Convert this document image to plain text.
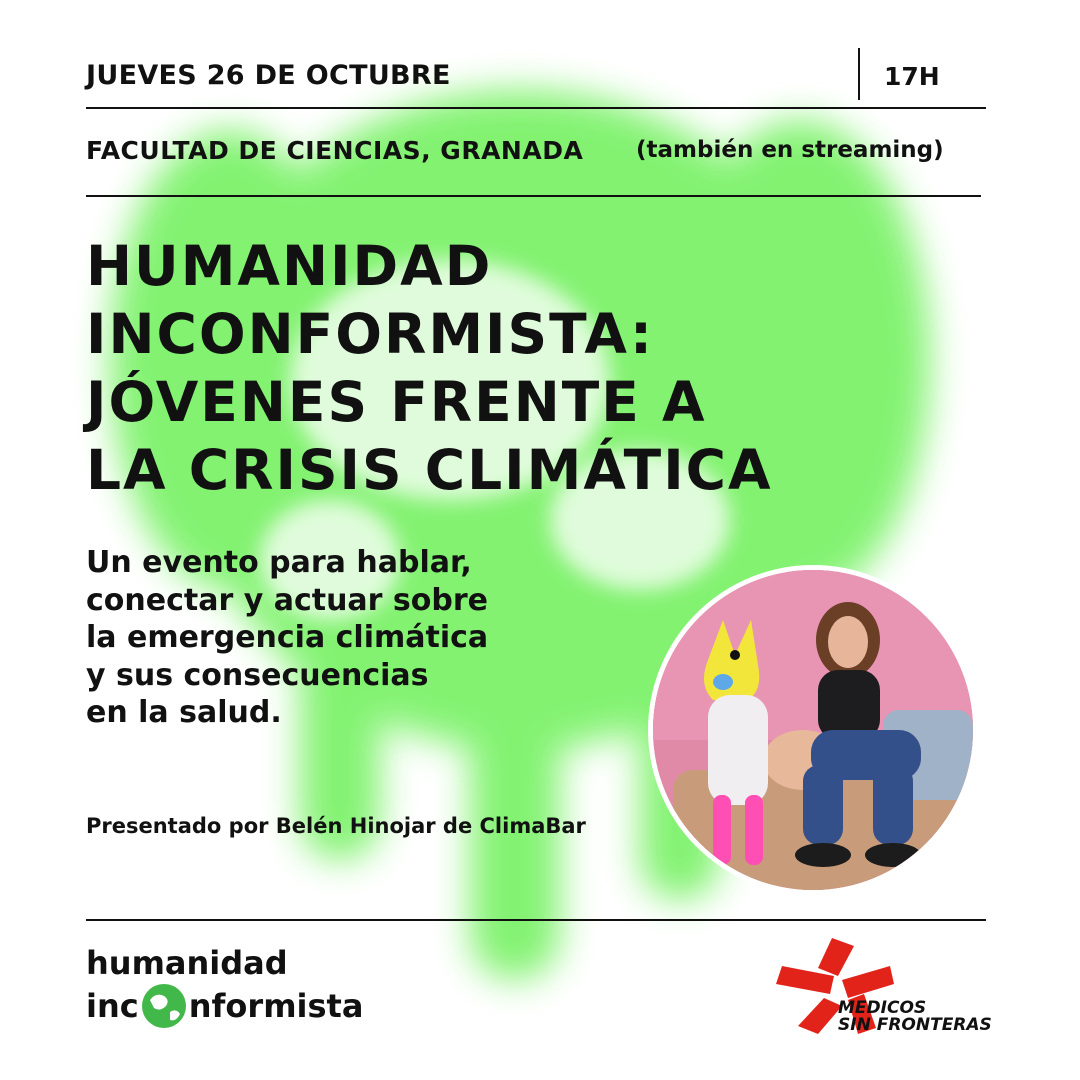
JUEVES 26 DE OCTUBRE	17H
FACULTAD DE CIENCIAS, GRANADA (también en streaming)
HUMANIDAD
INCONFORMISTA:
JÓVENES FRENTE A
LA CRISIS CLIMÁTICA
Un evento para hablar,
conectar y actuar sobre
la emergencia climática
y sus consecuencias
en la salud.
Presentado por Belén Hinojar de ClimaBar
humanidad
inc nformista	MEDICOS
SIN FRONTERAS
